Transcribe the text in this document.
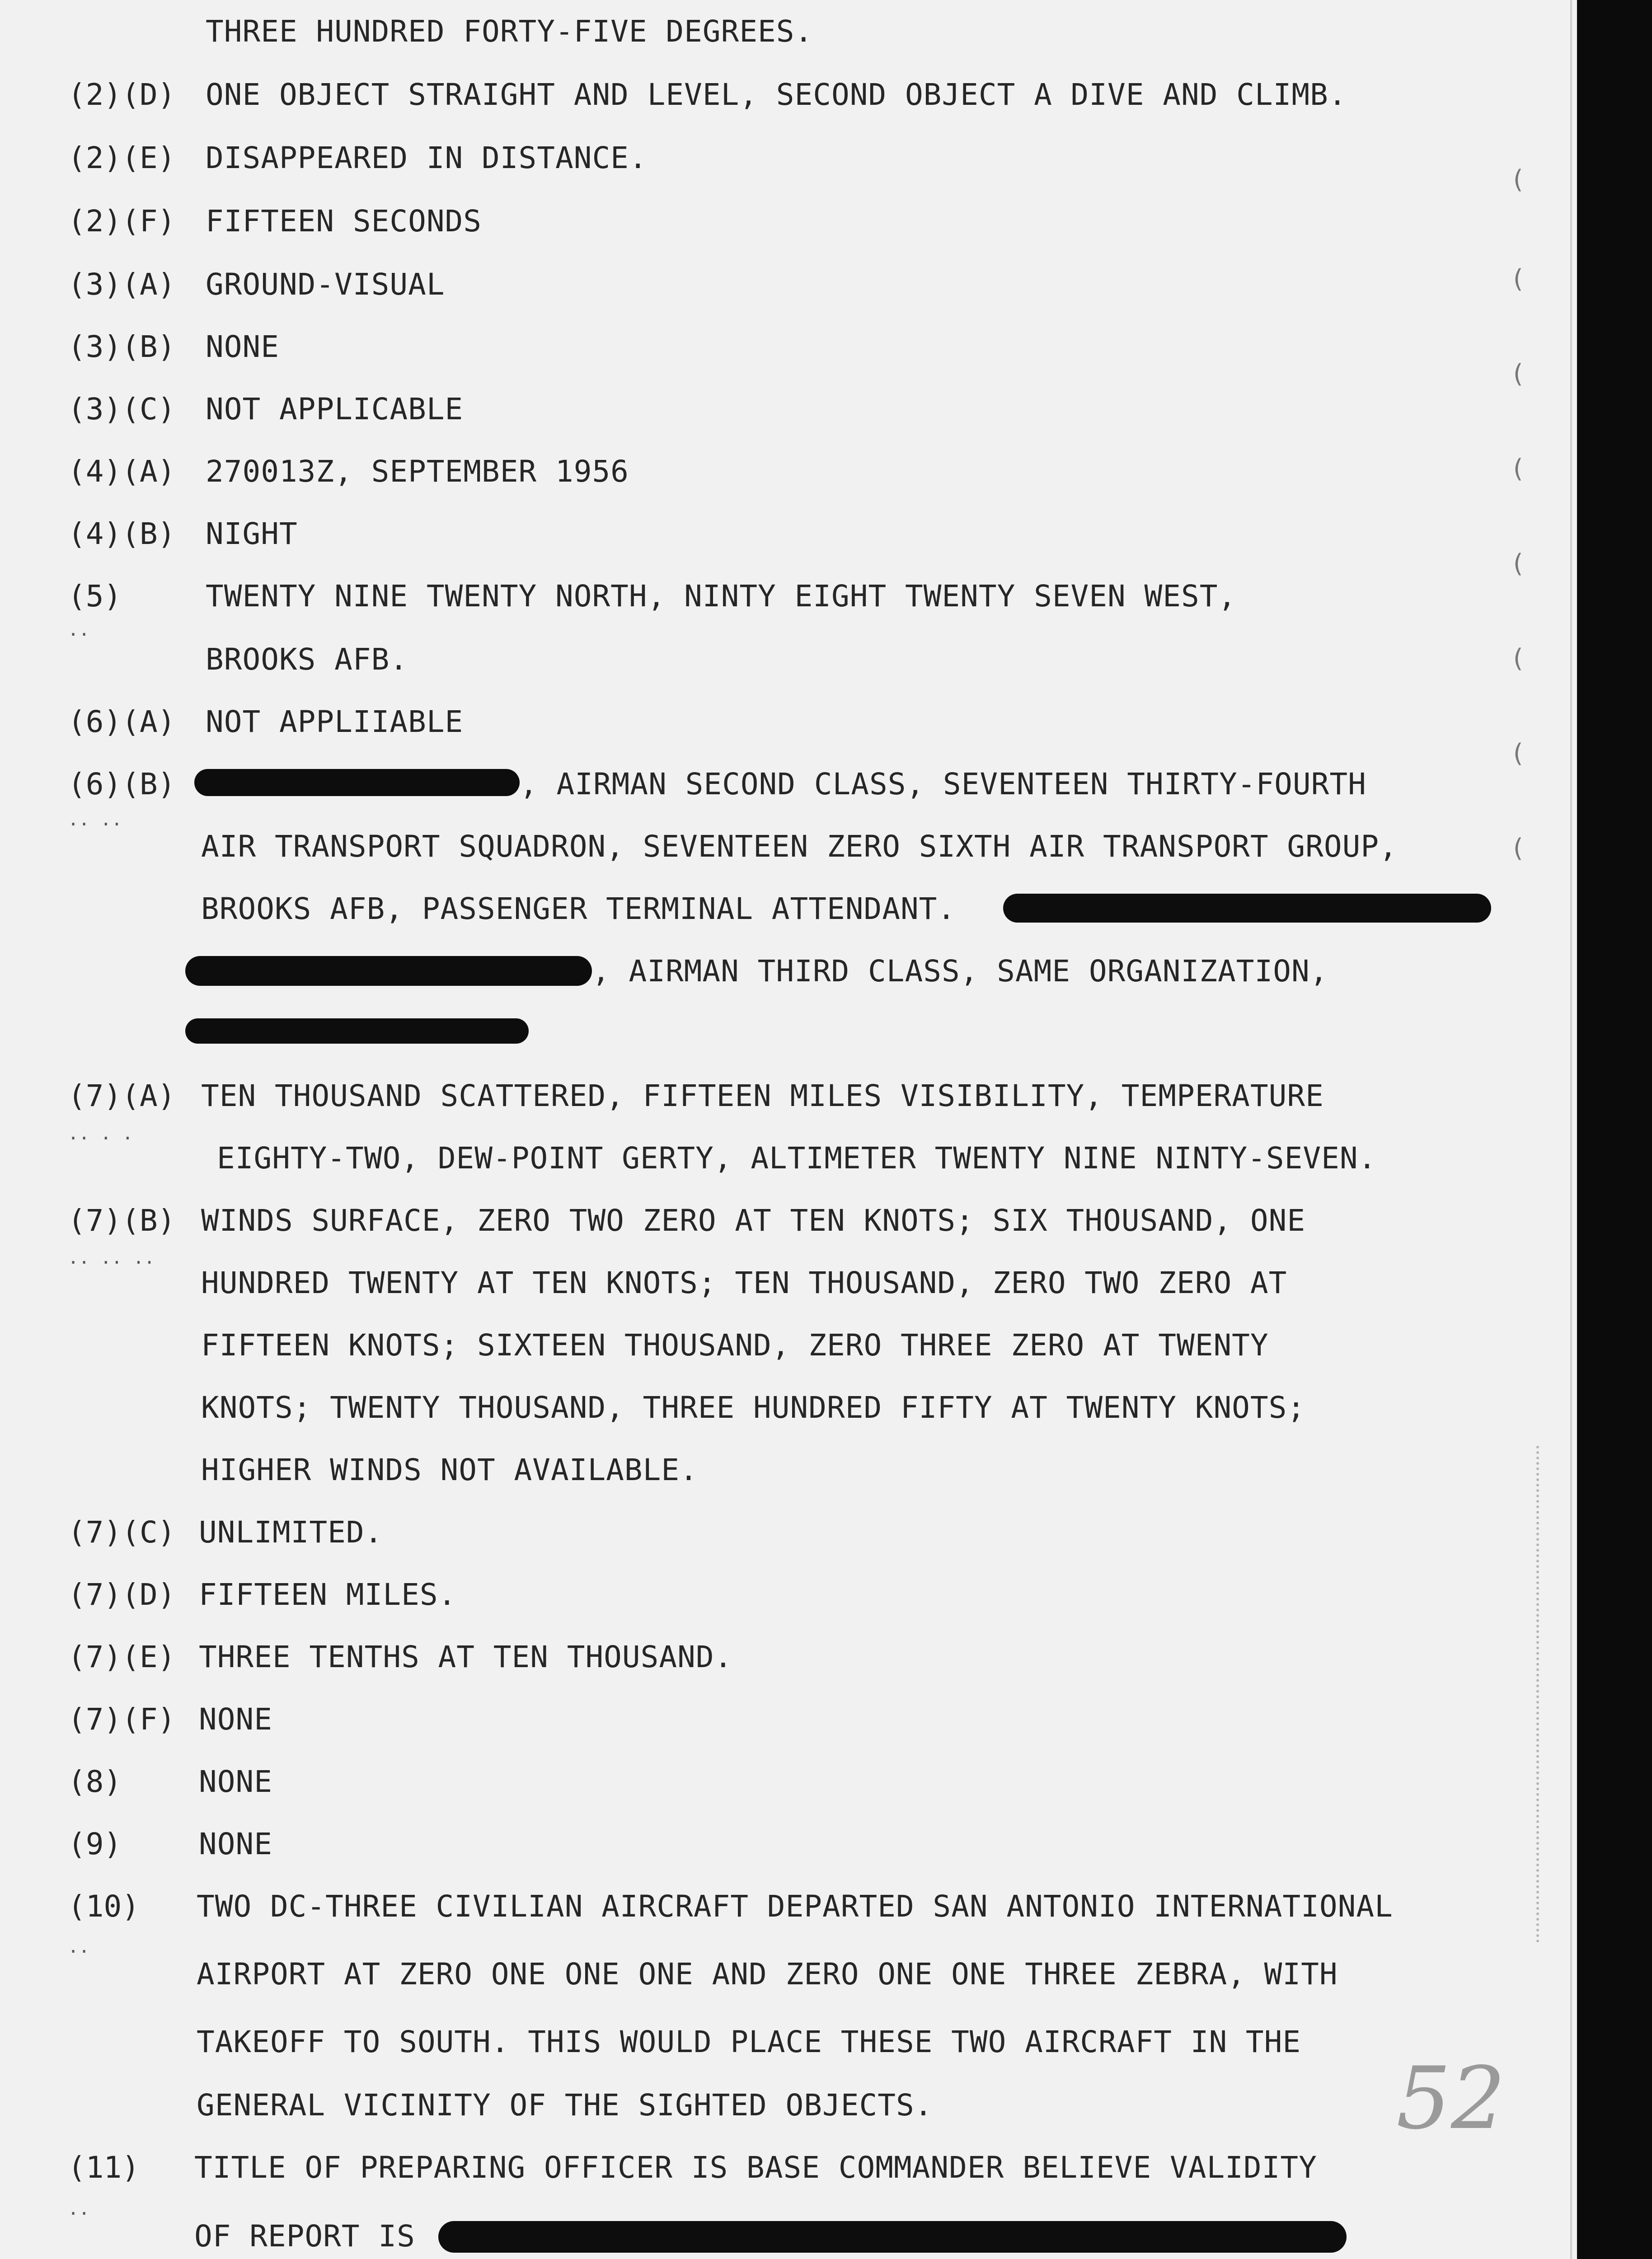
THREE HUNDRED FORTY-FIVE DEGREES.
(2)(D) ONE OBJECT STRAIGHT AND LEVEL, SECOND OBJECT A DIVE AND CLIMB.
(2)(E) DISAPPEARED IN DISTANCE.
(2)(F) FIFTEEN SECONDS
(3)(A) GROUND-VISUAL
(3)(B) NONE
(3)(C) NOT APPLICABLE
(4)(A) 270013Z, SEPTEMBER 1956
(4)(B) NIGHT
(5)	TWENTY NINE TWENTY NORTH, NINTY EIGHT TWENTY SEVEN WEST,
··
BROOKS AFB.
(6)(A) NOT APPLIIABLE
(6)(B)	, AIRMAN SECOND CLASS, SEVENTEEN THIRTY-FOURTH
·· ··
AIR TRANSPORT SQUADRON, SEVENTEEN ZERO SIXTH AIR TRANSPORT GROUP,
BROOKS AFB, PASSENGER TERMINAL ATTENDANT.
, AIRMAN THIRD CLASS, SAME ORGANIZATION,
(7)(A) TEN THOUSAND SCATTERED, FIFTEEN MILES VISIBILITY, TEMPERATURE
·· · ·
EIGHTY-TWO, DEW-POINT GERTY, ALTIMETER TWENTY NINE NINTY-SEVEN.
(7)(B) WINDS SURFACE, ZERO TWO ZERO AT TEN KNOTS; SIX THOUSAND, ONE
·· ·· ··
HUNDRED TWENTY AT TEN KNOTS; TEN THOUSAND, ZERO TWO ZERO AT
FIFTEEN KNOTS; SIXTEEN THOUSAND, ZERO THREE ZERO AT TWENTY
KNOTS; TWENTY THOUSAND, THREE HUNDRED FIFTY AT TWENTY KNOTS;
HIGHER WINDS NOT AVAILABLE.
(7)(C) UNLIMITED.
(7)(D) FIFTEEN MILES.
(7)(E) THREE TENTHS AT TEN THOUSAND.
(7)(F) NONE
(8)	NONE
(9)	NONE
(10) TWO DC-THREE CIVILIAN AIRCRAFT DEPARTED SAN ANTONIO INTERNATIONAL
··
AIRPORT AT ZERO ONE ONE ONE AND ZERO ONE ONE THREE ZEBRA, WITH
TAKEOFF TO SOUTH. THIS WOULD PLACE THESE TWO AIRCRAFT IN THE
GENERAL VICINITY OF THE SIGHTED OBJECTS.
(11) TITLE OF PREPARING OFFICER IS BASE COMMANDER BELIEVE VALIDITY
··
OF REPORT IS
(
(
(
(
(
(
(
(
52
